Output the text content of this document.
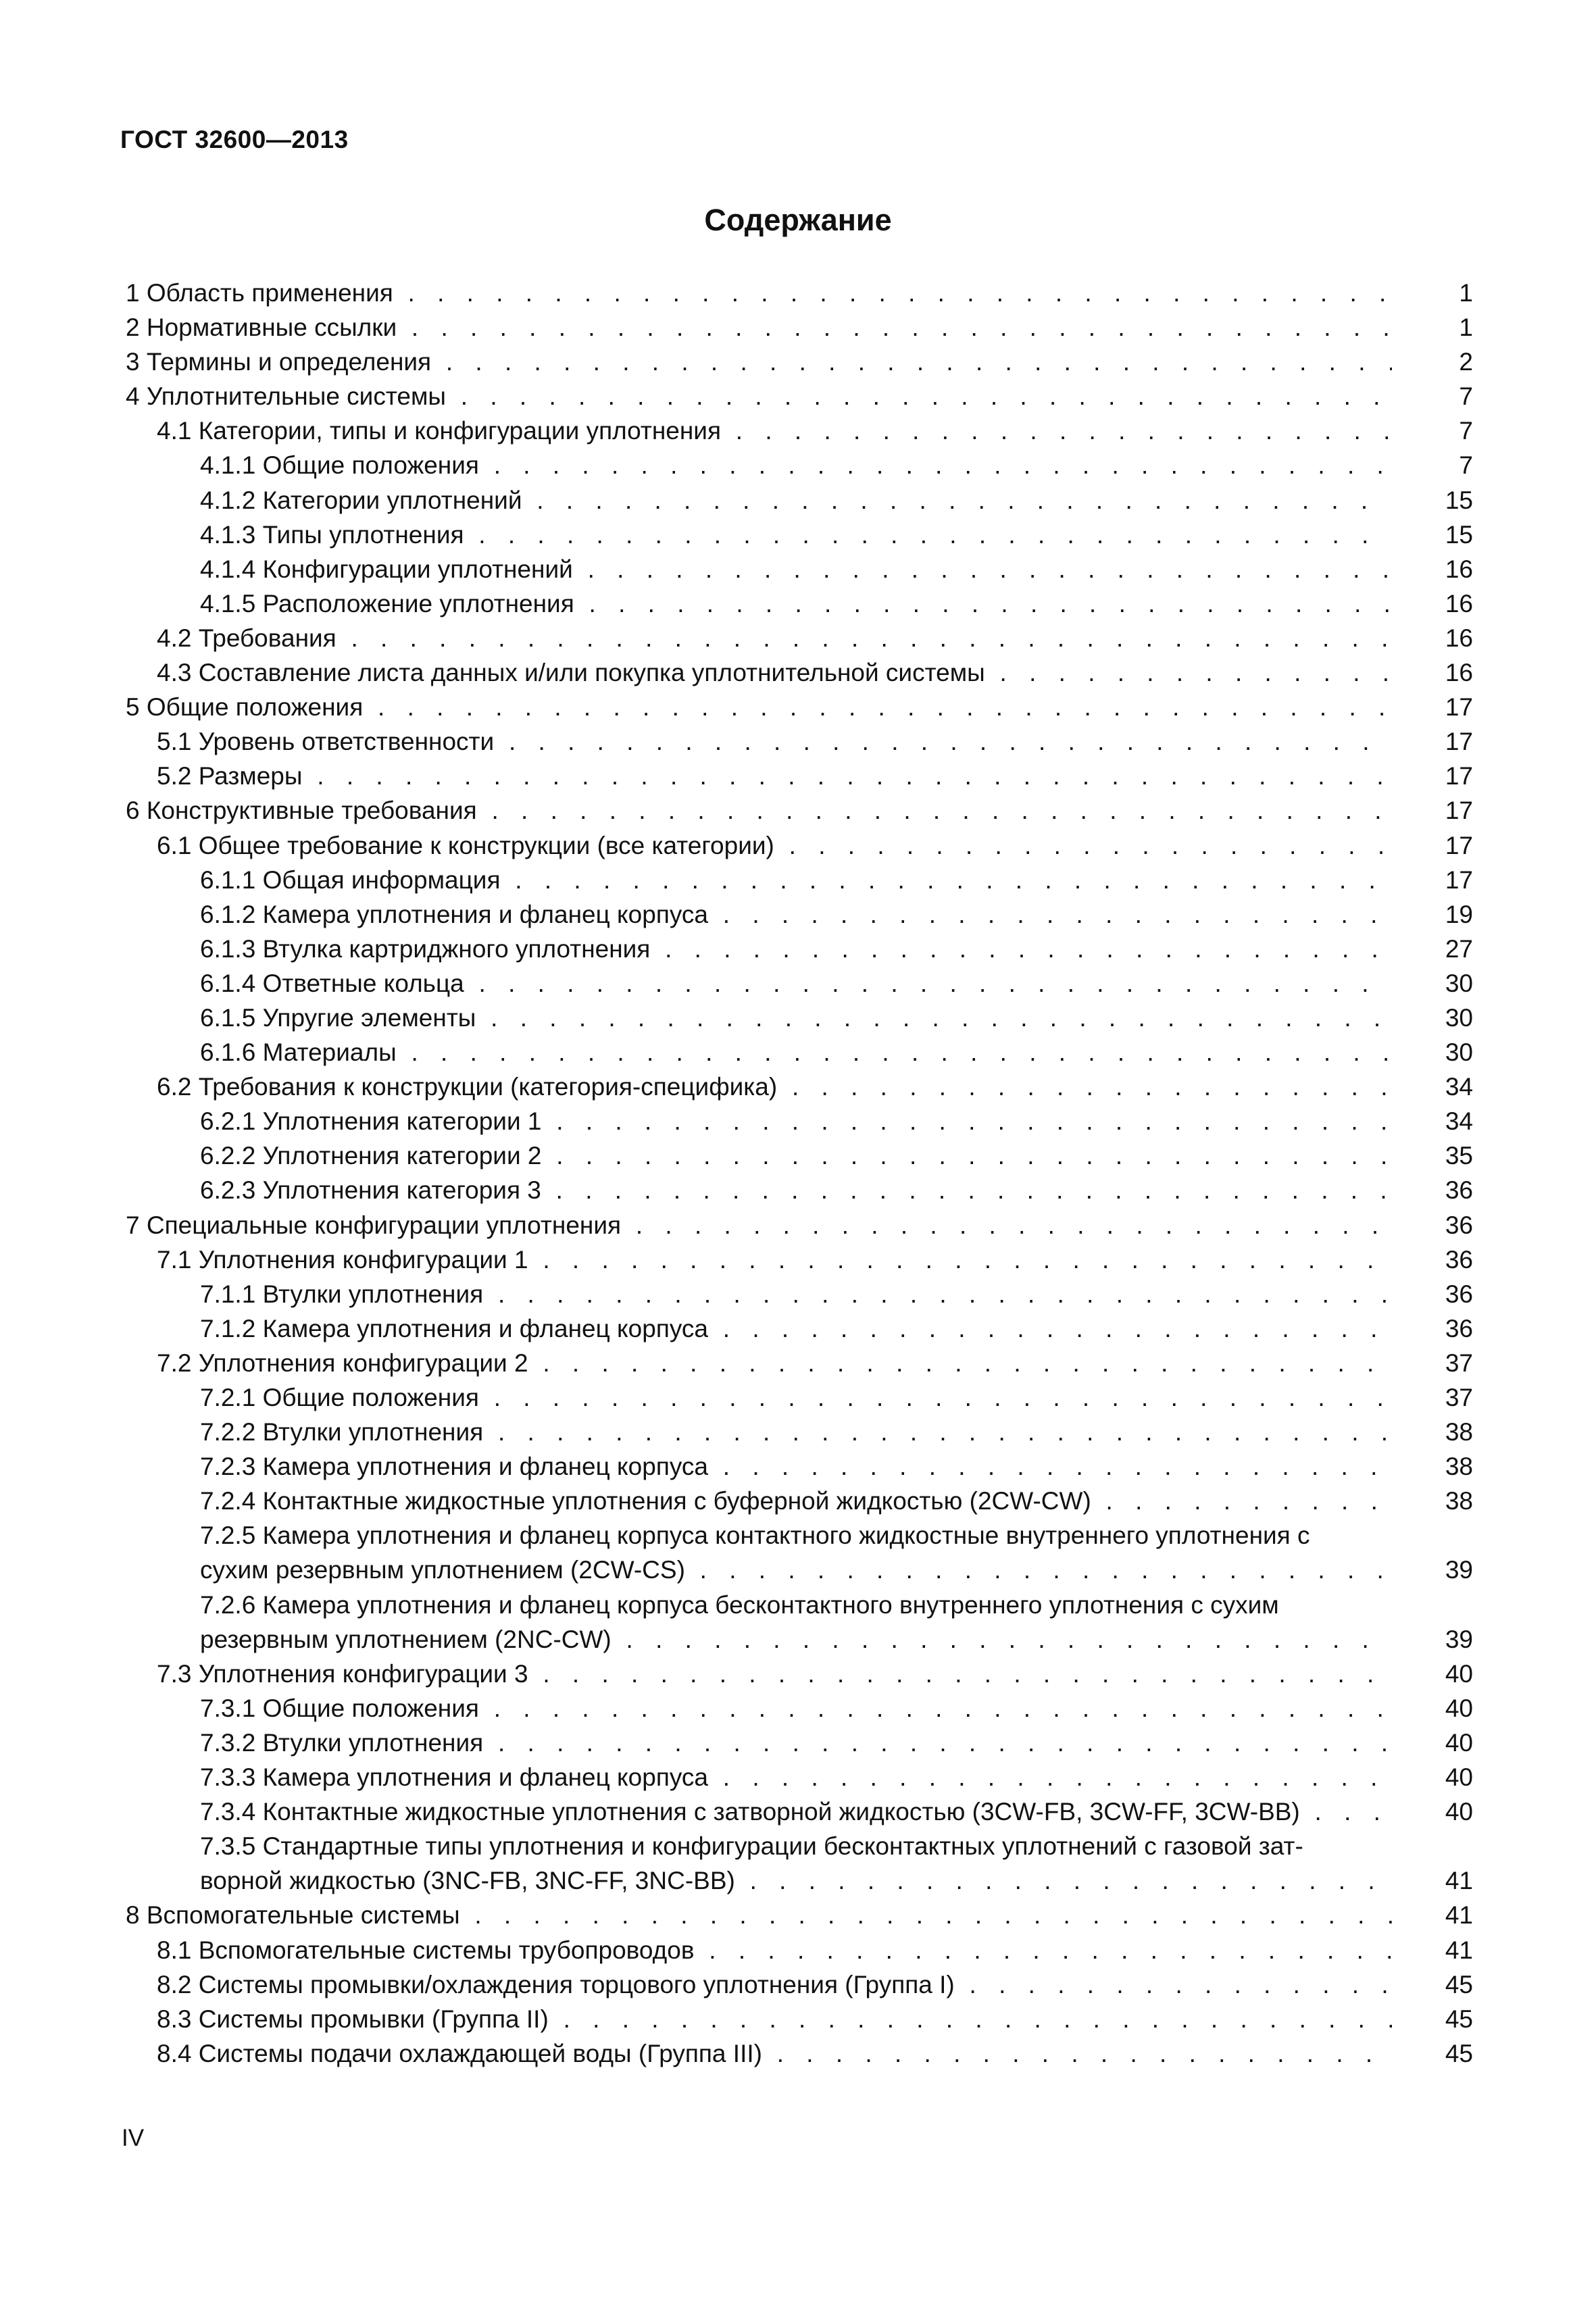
ГОСТ 32600—2013
Содержание
1 Область применения . . .	1
2 Нормативные ссылки . . .	1
3 Термины и определения . . .	2
4 Уплотнительные системы . . .	7
4.1 Категории, типы и конфигурации уплотнения . . .	7
4.1.1 Общие положения . . .	7
4.1.2 Категории уплотнений . . .	15
4.1.3 Типы уплотнения . . .	15
4.1.4 Конфигурации уплотнений . . .	16
4.1.5 Расположение уплотнения . . .	16
4.2 Требования . . .	16
4.3 Составление листа данных и/или покупка уплотнительной системы . . .	16
5 Общие положения . . .	17
5.1 Уровень ответственности . . .	17
5.2 Размеры . . .	17
6 Конструктивные требования . . .	17
6.1 Общее требование к конструкции (все категории) . . .	17
6.1.1 Общая информация . . .	17
6.1.2 Камера уплотнения и фланец корпуса . . .	19
6.1.3 Втулка картриджного уплотнения . . .	27
6.1.4 Ответные кольца . . .	30
6.1.5 Упругие элементы . . .	30
6.1.6 Материалы . . .	30
6.2 Требования к конструкции (категория-специфика) . . .	34
6.2.1 Уплотнения категории 1 . . .	34
6.2.2 Уплотнения категории 2 . . .	35
6.2.3 Уплотнения категория 3 . . .	36
7 Специальные конфигурации уплотнения . . .	36
7.1 Уплотнения конфигурации 1 . . .	36
7.1.1 Втулки уплотнения . . .	36
7.1.2 Камера уплотнения и фланец корпуса . . .	36
7.2 Уплотнения конфигурации 2 . . .	37
7.2.1 Общие положения . . .	37
7.2.2 Втулки уплотнения . . .	38
7.2.3 Камера уплотнения и фланец корпуса . . .	38
7.2.4 Контактные жидкостные уплотнения с буферной жидкостью (2CW-CW) . . .	38
7.2.5 Камера уплотнения и фланец корпуса контактного жидкостные внутреннего уплотнения с
сухим резервным уплотнением (2CW-CS) . . .	39
7.2.6 Камера уплотнения и фланец корпуса бесконтактного внутреннего уплотнения с сухим
резервным уплотнением (2NC-CW) . . .	39
7.3 Уплотнения конфигурации 3 . . .	40
7.3.1 Общие положения . . .	40
7.3.2 Втулки уплотнения . . .	40
7.3.3 Камера уплотнения и фланец корпуса . . .	40
7.3.4 Контактные жидкостные уплотнения с затворной жидкостью (3CW-FB, 3CW-FF, 3CW-BB) . . .	40
7.3.5 Стандартные типы уплотнения и конфигурации бесконтактных уплотнений с газовой зат-
ворной жидкостью (3NC-FB, 3NC-FF, 3NC-BB) . . .	41
8 Вспомогательные системы . . .	41
8.1 Вспомогательные системы трубопроводов . . .	41
8.2 Системы промывки/охлаждения торцового уплотнения (Группа I) . . .	45
8.3 Системы промывки (Группа II) . . .	45
8.4 Системы подачи охлаждающей воды (Группа III) . . .	45
IV
